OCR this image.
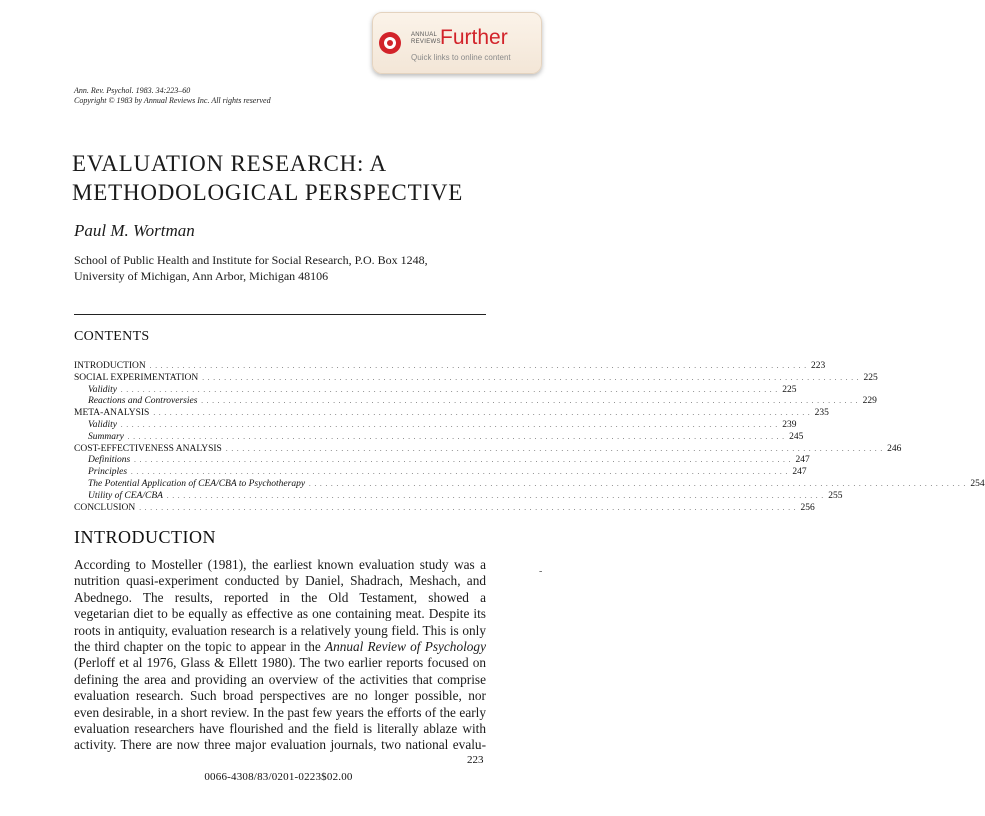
ANNUAL REVIEWS Further
Quick links to online content
Ann. Rev. Psychol. 1983. 34:223–60
Copyright © 1983 by Annual Reviews Inc. All rights reserved
EVALUATION RESEARCH: A
METHODOLOGICAL PERSPECTIVE
Paul M. Wortman
School of Public Health and Institute for Social Research, P.O. Box 1248,
University of Michigan, Ann Arbor, Michigan 48106
CONTENTS
INTRODUCTION . . . . . . . . . . . . . . . . . . . . . . . . . . . . . . . . . . . . . . . . . . . . . . . . . . . . . . . . . . . . . . . . . . . . . . . . . . . . . . . . . . . . . . . . . . . . . . . . . . . . . . . . . . . . . . . . . . . . . . . . 223
SOCIAL EXPERIMENTATION . . . . . . . . . . . . . . . . . . . . . . . . . . . . . . . . . . . . . . . . . . . . . . . . . . . . . . . . . . . . . . . . . . . . . . . . . . . . . . . . . . . . . . . . . . . . . . . . . . . . . . . . . . . . . . . . . . . . . . . . 225
Validity . . . . . . . . . . . . . . . . . . . . . . . . . . . . . . . . . . . . . . . . . . . . . . . . . . . . . . . . . . . . . . . . . . . . . . . . . . . . . . . . . . . . . . . . . . . . . . . . . . . . . . . . . . . . . . . . . . . . . . . . 225
Reactions and Controversies . . . . . . . . . . . . . . . . . . . . . . . . . . . . . . . . . . . . . . . . . . . . . . . . . . . . . . . . . . . . . . . . . . . . . . . . . . . . . . . . . . . . . . . . . . . . . . . . . . . . . . . . . . . . . . . . . . . . . . . . 229
META-ANALYSIS . . . . . . . . . . . . . . . . . . . . . . . . . . . . . . . . . . . . . . . . . . . . . . . . . . . . . . . . . . . . . . . . . . . . . . . . . . . . . . . . . . . . . . . . . . . . . . . . . . . . . . . . . . . . . . . . . . . . . . . . 235
Validity . . . . . . . . . . . . . . . . . . . . . . . . . . . . . . . . . . . . . . . . . . . . . . . . . . . . . . . . . . . . . . . . . . . . . . . . . . . . . . . . . . . . . . . . . . . . . . . . . . . . . . . . . . . . . . . . . . . . . . . . 239
Summary . . . . . . . . . . . . . . . . . . . . . . . . . . . . . . . . . . . . . . . . . . . . . . . . . . . . . . . . . . . . . . . . . . . . . . . . . . . . . . . . . . . . . . . . . . . . . . . . . . . . . . . . . . . . . . . . . . . . . . . . 245
COST-EFFECTIVENESS ANALYSIS . . . . . . . . . . . . . . . . . . . . . . . . . . . . . . . . . . . . . . . . . . . . . . . . . . . . . . . . . . . . . . . . . . . . . . . . . . . . . . . . . . . . . . . . . . . . . . . . . . . . . . . . . . . . . . . . . . . . . . . . 246
Definitions . . . . . . . . . . . . . . . . . . . . . . . . . . . . . . . . . . . . . . . . . . . . . . . . . . . . . . . . . . . . . . . . . . . . . . . . . . . . . . . . . . . . . . . . . . . . . . . . . . . . . . . . . . . . . . . . . . . . . . . . 247
Principles . . . . . . . . . . . . . . . . . . . . . . . . . . . . . . . . . . . . . . . . . . . . . . . . . . . . . . . . . . . . . . . . . . . . . . . . . . . . . . . . . . . . . . . . . . . . . . . . . . . . . . . . . . . . . . . . . . . . . . . . 247
The Potential Application of CEA/CBA to Psychotherapy . . . . . . . . . . . . . . . . . . . . . . . . . . . . . . . . . . . . . . . . . . . . . . . . . . . . . . . . . . . . . . . . . . . . . . . . . . . . . . . . . . . . . . . . . . . . . . . . . . . . . . . . . . . . . . . . . . . . . . . . 254
Utility of CEA/CBA . . . . . . . . . . . . . . . . . . . . . . . . . . . . . . . . . . . . . . . . . . . . . . . . . . . . . . . . . . . . . . . . . . . . . . . . . . . . . . . . . . . . . . . . . . . . . . . . . . . . . . . . . . . . . . . . . . . . . . . . 255
CONCLUSION . . . . . . . . . . . . . . . . . . . . . . . . . . . . . . . . . . . . . . . . . . . . . . . . . . . . . . . . . . . . . . . . . . . . . . . . . . . . . . . . . . . . . . . . . . . . . . . . . . . . . . . . . . . . . . . . . . . . . . . . 256
INTRODUCTION
According to Mosteller (1981), the earliest known evaluation study was a
nutrition quasi-experiment conducted by Daniel, Shadrach, Meshach, and
Abednego. The results, reported in the Old Testament, showed a
vegetarian diet to be equally as effective as one containing meat. Despite its
roots in antiquity, evaluation research is a relatively young field. This is only
the third chapter on the topic to appear in the Annual Review of Psychology
(Perloff et al 1976, Glass & Ellett 1980). The two earlier reports focused on
defining the area and providing an overview of the activities that comprise
evaluation research. Such broad perspectives are no longer possible, nor
even desirable, in a short review. In the past few years the efforts of the early
evaluation researchers have flourished and the field is literally ablaze with
activity. There are now three major evaluation journals, two national evalu-
-
223
0066-4308/83/0201-0223$02.00
